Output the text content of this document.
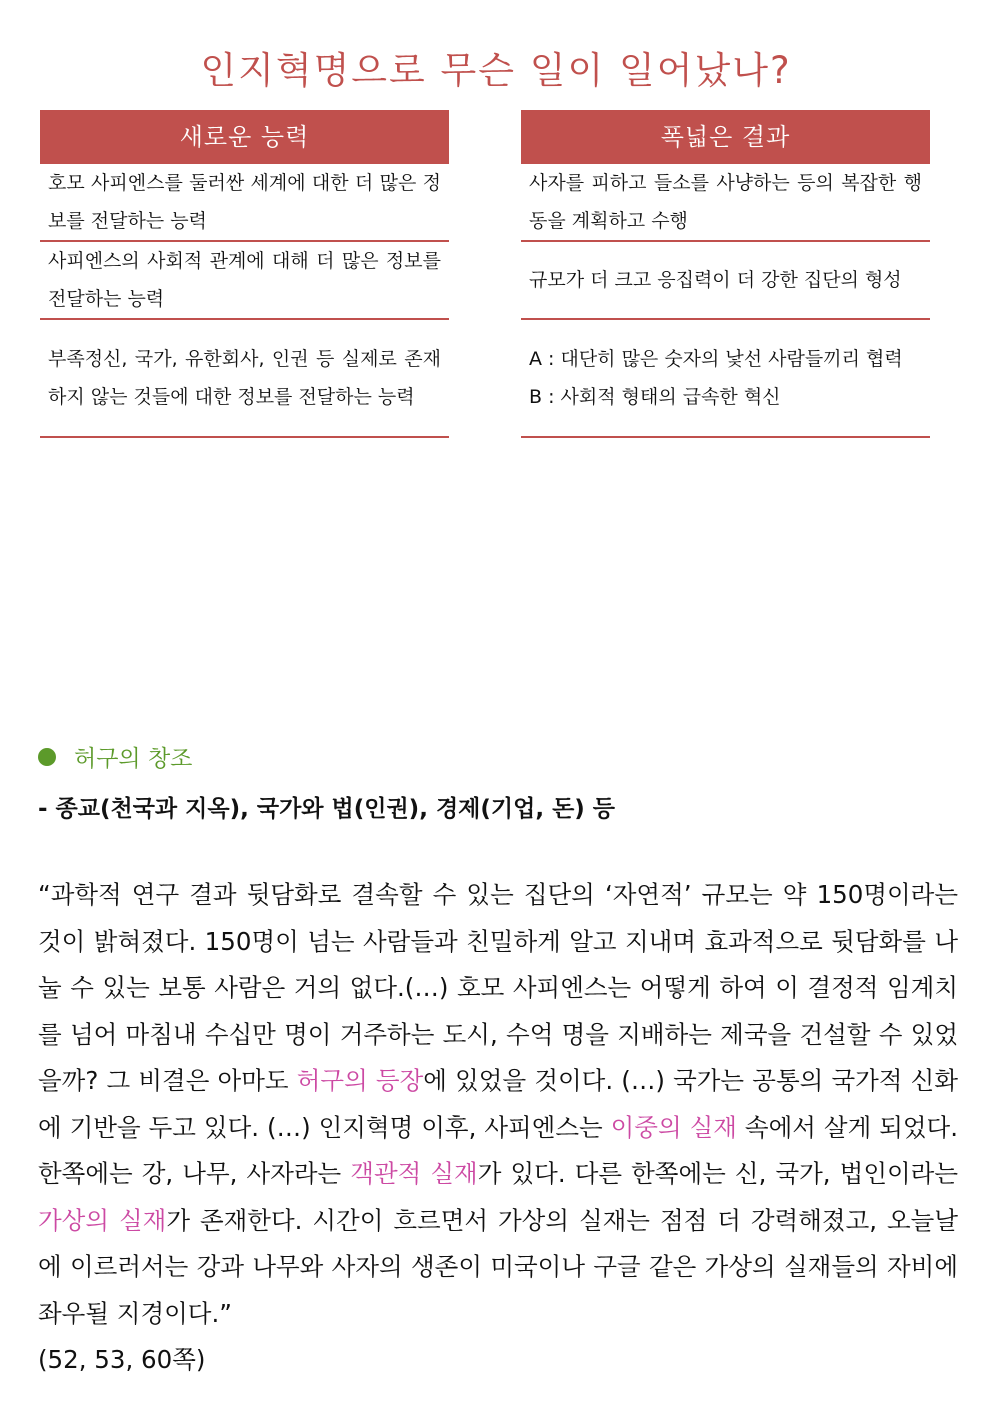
인지혁명으로 무슨 일이 일어났나?
새로운 능력

호모 사피엔스를 둘러싼 세계에 대한 더 많은 정보를 전달하는 능력

사피엔스의 사회적 관계에 대해 더 많은 정보를 전달하는 능력

부족정신, 국가, 유한회사, 인권 등 실제로 존재하지 않는 것들에 대한 정보를 전달하는 능력

폭넓은 결과

사자를 피하고 들소를 사냥하는 등의 복잡한 행동을 계획하고 수행

규모가 더 크고 응집력이 더 강한 집단의 형성

A : 대단히 많은 숫자의 낯선 사람들끼리 협력

B : 사회적 형태의 급속한 혁신

허구의 창조
- 종교(천국과 지옥), 국가와 법(인권), 경제(기업, 돈) 등

“과학적 연구 결과 뒷담화로 결속할 수 있는 집단의 ‘자연적’ 규모는 약 150명이라는 것이 밝혀졌다. 150명이 넘는 사람들과 친밀하게 알고 지내며 효과적으로 뒷담화를 나눌 수 있는 보통 사람은 거의 없다.(…) 호모 사피엔스는 어떻게 하여 이 결정적 임계치를 넘어 마침내 수십만 명이 거주하는 도시, 수억 명을 지배하는 제국을 건설할 수 있었을까? 그 비결은 아마도 허구의 등장에 있었을 것이다. (…) 국가는 공통의 국가적 신화에 기반을 두고 있다. (…) 인지혁명 이후, 사피엔스는 이중의 실재 속에서 살게 되었다. 한쪽에는 강, 나무, 사자라는 객관적 실재가 있다. 다른 한쪽에는 신, 국가, 법인이라는 가상의 실재가 존재한다. 시간이 흐르면서 가상의 실재는 점점 더 강력해졌고, 오늘날에 이르러서는 강과 나무와 사자의 생존이 미국이나 구글 같은 가상의 실재들의 자비에 좌우될 지경이다.”
(52, 53, 60쪽)
